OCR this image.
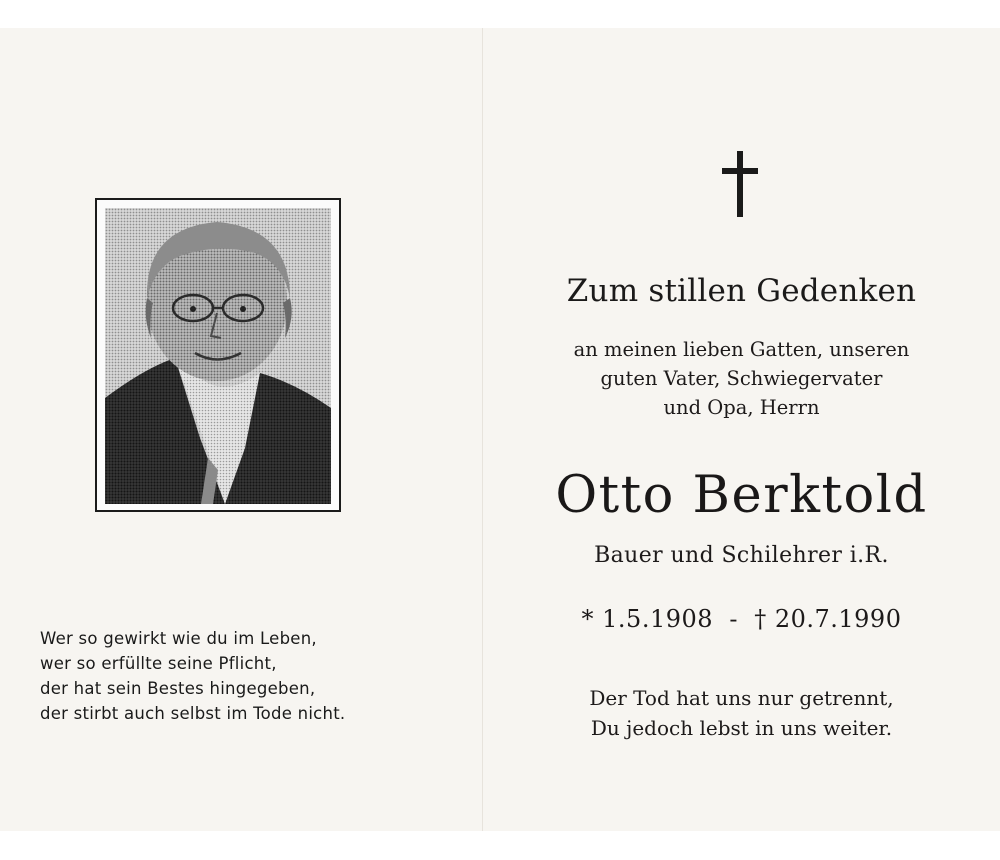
Wer so gewirkt wie du im Leben,
wer so erfüllte seine Pflicht,
der hat sein Bestes hingegeben,
der stirbt auch selbst im Tode nicht.
Zum stillen Gedenken
an meinen lieben Gatten, unseren
guten Vater, Schwiegervater
und Opa, Herrn
Otto Berktold
Bauer und Schilehrer i.R.
* 1.5.1908 - † 20.7.1990
Der Tod hat uns nur getrennt,
Du jedoch lebst in uns weiter.
